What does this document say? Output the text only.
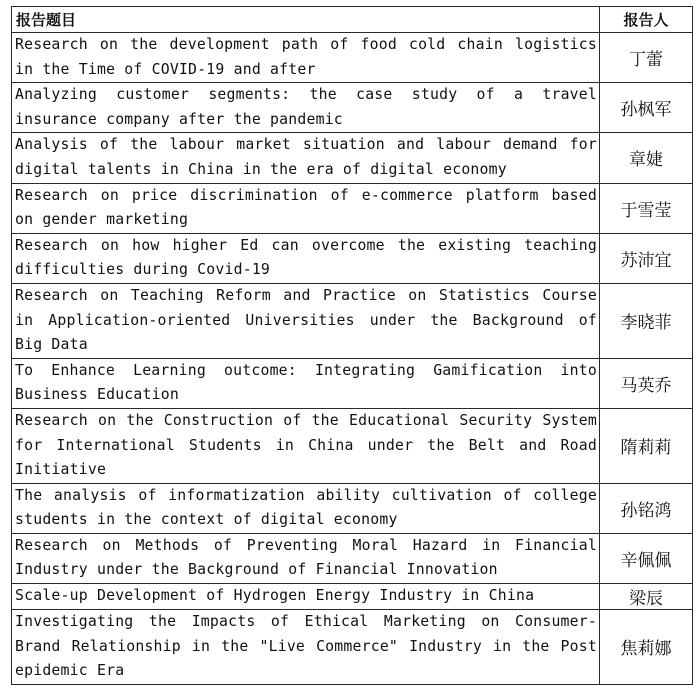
报告题目	报告人
Research on the development path of food cold chain logistics in the Time of COVID-19 and after	丁蕾
Analyzing customer segments: the case study of a travel insurance company after the pandemic	孙枫军
Analysis of the labour market situation and labour demand for digital talents in China in the era of digital economy	章婕
Research on price discrimination of e-commerce platform based on gender marketing	于雪莹
Research on how higher Ed can overcome the existing teaching difficulties during Covid-19	苏沛宜
Research on Teaching Reform and Practice on Statistics Course in Application-oriented Universities under the Background of Big Data	李晓菲
To Enhance Learning outcome: Integrating Gamification into Business Education	马英乔
Research on the Construction of the Educational Security System for International Students in China under the Belt and Road Initiative	隋莉莉
The analysis of informatization ability cultivation of college students in the context of digital economy	孙铭鸿
Research on Methods of Preventing Moral Hazard in Financial Industry under the Background of Financial Innovation	辛佩佩
Scale-up Development of Hydrogen Energy Industry in China	梁辰
Investigating the Impacts of Ethical Marketing on Consumer-Brand Relationship in the "Live Commerce" Industry in the Post epidemic Era	焦莉娜
